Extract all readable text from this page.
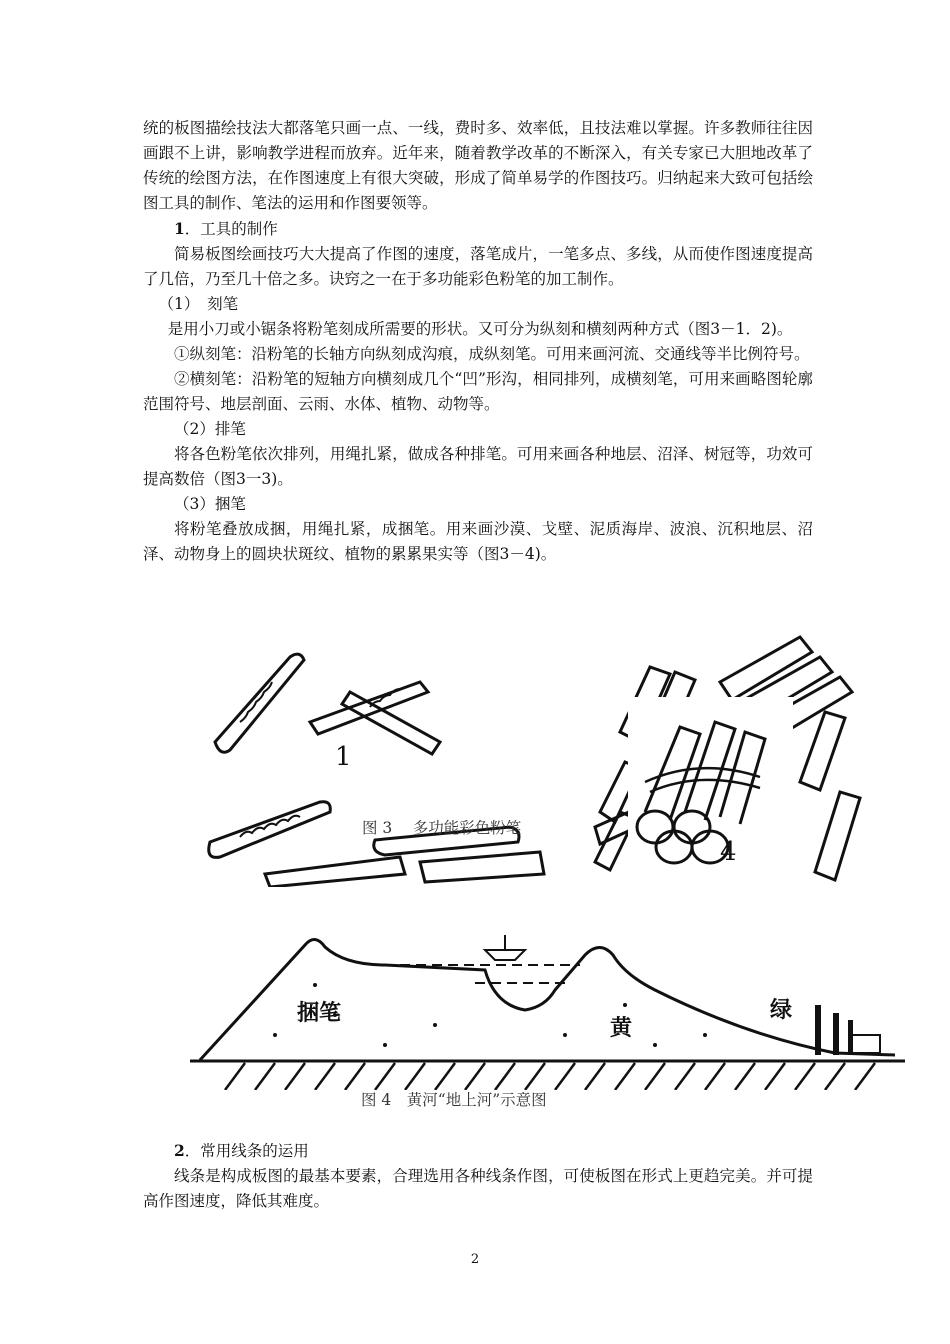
统的板图描绘技法大都落笔只画一点、一线，费时多、效率低，且技法难以掌握。许多教师往往因画跟不上讲，影响教学进程而放弃。近年来，随着教学改革的不断深入，有关专家已大胆地改革了传统的绘图方法，在作图速度上有很大突破，形成了简单易学的作图技巧。归纳起来大致可包括绘图工具的制作、笔法的运用和作图要领等。

1．工具的制作

简易板图绘画技巧大大提高了作图的速度，落笔成片，一笔多点、多线，从而使作图速度提高了几倍，乃至几十倍之多。诀窍之一在于多功能彩色粉笔的加工制作。

（1）　刻笔

是用小刀或小锯条将粉笔刻成所需要的形状。又可分为纵刻和横刻两种方式（图3－1．2)。

①纵刻笔：沿粉笔的长轴方向纵刻成沟痕，成纵刻笔。可用来画河流、交通线等半比例符号。

②横刻笔：沿粉笔的短轴方向横刻成几个“凹”形沟，相同排列，成横刻笔，可用来画略图轮廓范围符号、地层剖面、云雨、水体、植物、动物等。

（2）排笔

将各色粉笔依次排列，用绳扎紧，做成各种排笔。可用来画各种地层、沼泽、树冠等，功效可提高数倍（图3一3)。

（3）捆笔

将粉笔叠放成捆，用绳扎紧，成捆笔。用来画沙漠、戈壁、泥质海岸、波浪、沉积地层、沼泽、动物身上的圆块状斑纹、植物的累累果实等（图3－4)。

1
4
图 3　 多功能彩色粉笔
捆笔
黄
绿
图 4　黄河“地上河”示意图

2．常用线条的运用

线条是构成板图的最基本要素，合理选用各种线条作图，可使板图在形式上更趋完美。并可提高作图速度，降低其难度。

2
